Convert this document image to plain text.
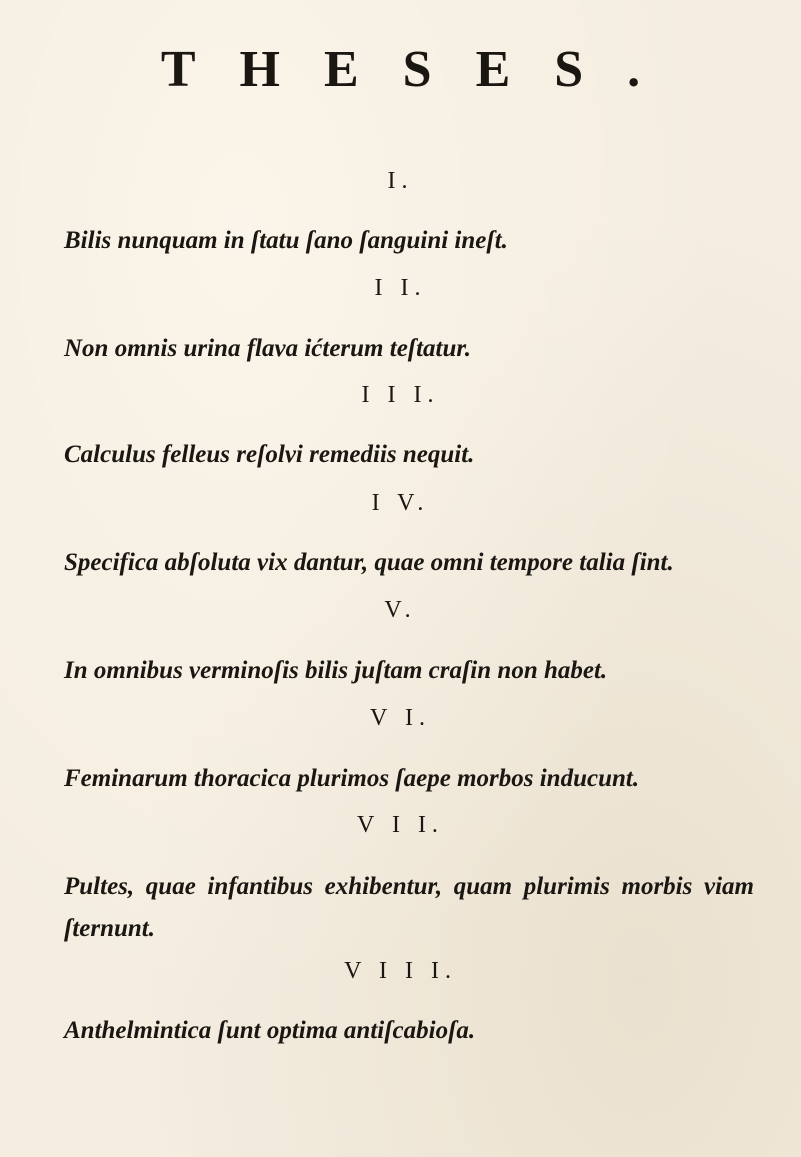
THESES.
I.

Bilis nunquam in ſtatu ſano ſanguini ineſt.

I I.

Non omnis urina flava ićterum teſtatur.

I I I.

Calculus felleus reſolvi remediis nequit.

I V.

Specifica abſoluta vix dantur, quae omni tempore talia ſint.

V.

In omnibus verminoſis bilis juſtam craſin non habet.

V I.

Feminarum thoracica plurimos ſaepe morbos inducunt.

V I I.

Pultes, quae infantibus exhibentur, quam plurimis morbis viam ſternunt.

V I I I.

Anthelmintica ſunt optima antiſcabioſa.
